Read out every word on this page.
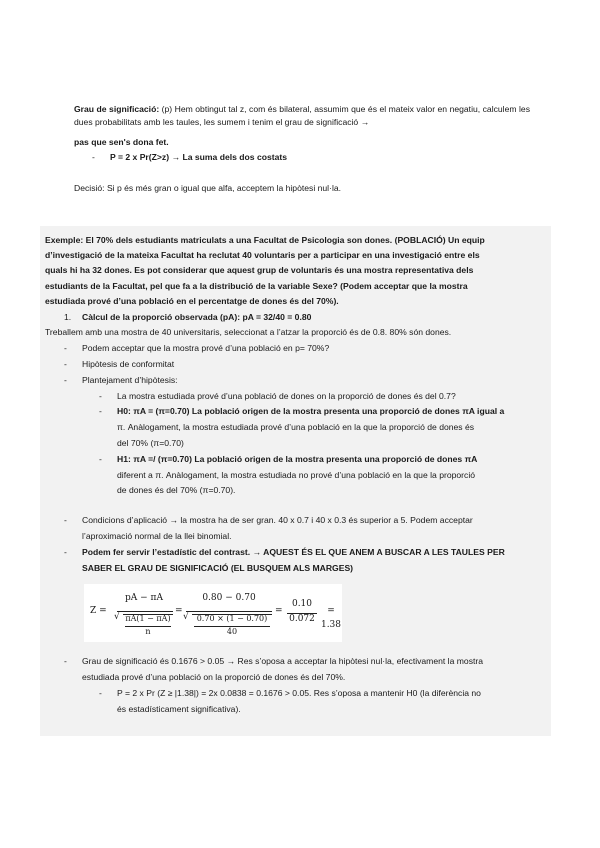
Grau de significació: (p) Hem obtingut tal z, com és bilateral, assumim que és el mateix valor en negatiu, calculem les dues probabilitats amb les taules, les sumem i tenim el grau de significació →
pas que sen's dona fet.
-	P = 2 x Pr(Z>z) → La suma dels dos costats
Decisió: Si p és més gran o igual que alfa, acceptem la hipòtesi nul·la.
Exemple: El 70% dels estudiants matriculats a una Facultat de Psicologia son dones. (POBLACIÓ) Un equip
d’investigació de la mateixa Facultat ha reclutat 40 voluntaris per a participar en una investigació entre els
quals hi ha 32 dones. Es pot considerar que aquest grup de voluntaris és una mostra representativa dels
estudiants de la Facultat, pel que fa a la distribució de la variable Sexe? (Podem acceptar que la mostra
estudiada prové d’una població en el percentatge de dones és del 70%).
1. Càlcul de la proporció observada (pA): pA = 32/40 = 0.80
Treballem amb una mostra de 40 universitaris, seleccionat a l’atzar la proporció és de 0.8. 80% són dones.
-	Podem acceptar que la mostra prové d’una població en p= 70%?
-	Hipòtesis de conformitat
-	Plantejament d’hipòtesis:
-	La mostra estudiada prové d’una població de dones on la proporció de dones és del 0.7?
-	H0: πA = (π=0.70) La població origen de la mostra presenta una proporció de dones πA igual a
π. Anàlogament, la mostra estudiada prové d’una població en la que la proporció de dones és
del 70% (π=0.70)
-	H1: πA =/ (π=0.70) La població origen de la mostra presenta una proporció de dones πA
diferent a π. Anàlogament, la mostra estudiada no prové d’una població en la que la proporció
de dones és del 70% (π=0.70).
-	Condicions d’aplicació → la mostra ha de ser gran. 40 x 0.7 i 40 x 0.3 és superior a 5. Podem acceptar
l’aproximació normal de la llei binomial.
-	Podem fer servir l’estadístic del contrast. → AQUEST ÉS EL QUE ANEM A BUSCAR A LES TAULES PER
SABER EL GRAU DE SIGNIFICACIÓ (EL BUSQUEM ALS MARGES)
Z =
pA − πA
√ πA(1 − πA)
n
=
0.80 − 0.70
√ 0.70 × (1 − 0.70)
40
=
0.10
0.072
= 1.38
-	Grau de significació és 0.1676 > 0.05 → Res s’oposa a acceptar la hipòtesi nul·la, efectivament la mostra
estudiada prové d’una població on la proporció de dones és del 70%.
-	P = 2 x Pr (Z ≥ |1.38|) = 2x 0.0838 = 0.1676 > 0.05. Res s’oposa a mantenir H0 (la diferència no
és estadísticament significativa).
